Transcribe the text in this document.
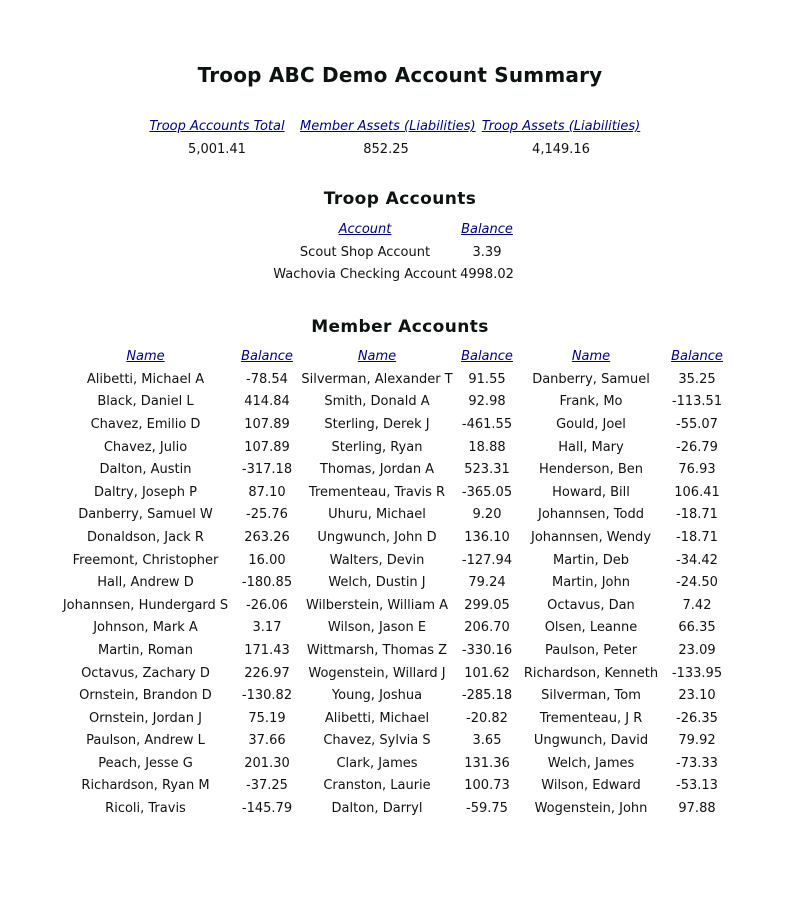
Troop ABC Demo Account Summary
Troop Accounts Total	Member Assets (Liabilities)	Troop Assets (Liabilities)
5,001.41	852.25	4,149.16
Troop Accounts
Account	Balance
Scout Shop Account	3.39
Wachovia Checking Account	4998.02
Member Accounts
Name	Balance	Name	Balance	Name	Balance
Alibetti, Michael A	-78.54	Silverman, Alexander T	91.55	Danberry, Samuel	35.25
Black, Daniel L	414.84	Smith, Donald A	92.98	Frank, Mo	-113.51
Chavez, Emilio D	107.89	Sterling, Derek J	-461.55	Gould, Joel	-55.07
Chavez, Julio	107.89	Sterling, Ryan	18.88	Hall, Mary	-26.79
Dalton, Austin	-317.18	Thomas, Jordan A	523.31	Henderson, Ben	76.93
Daltry, Joseph P	87.10	Trementeau, Travis R	-365.05	Howard, Bill	106.41
Danberry, Samuel W	-25.76	Uhuru, Michael	9.20	Johannsen, Todd	-18.71
Donaldson, Jack R	263.26	Ungwunch, John D	136.10	Johannsen, Wendy	-18.71
Freemont, Christopher	16.00	Walters, Devin	-127.94	Martin, Deb	-34.42
Hall, Andrew D	-180.85	Welch, Dustin J	79.24	Martin, John	-24.50
Johannsen, Hundergard S	-26.06	Wilberstein, William A	299.05	Octavus, Dan	7.42
Johnson, Mark A	3.17	Wilson, Jason E	206.70	Olsen, Leanne	66.35
Martin, Roman	171.43	Wittmarsh, Thomas Z	-330.16	Paulson, Peter	23.09
Octavus, Zachary D	226.97	Wogenstein, Willard J	101.62	Richardson, Kenneth	-133.95
Ornstein, Brandon D	-130.82	Young, Joshua	-285.18	Silverman, Tom	23.10
Ornstein, Jordan J	75.19	Alibetti, Michael	-20.82	Trementeau, J R	-26.35
Paulson, Andrew L	37.66	Chavez, Sylvia S	3.65	Ungwunch, David	79.92
Peach, Jesse G	201.30	Clark, James	131.36	Welch, James	-73.33
Richardson, Ryan M	-37.25	Cranston, Laurie	100.73	Wilson, Edward	-53.13
Ricoli, Travis	-145.79	Dalton, Darryl	-59.75	Wogenstein, John	97.88
